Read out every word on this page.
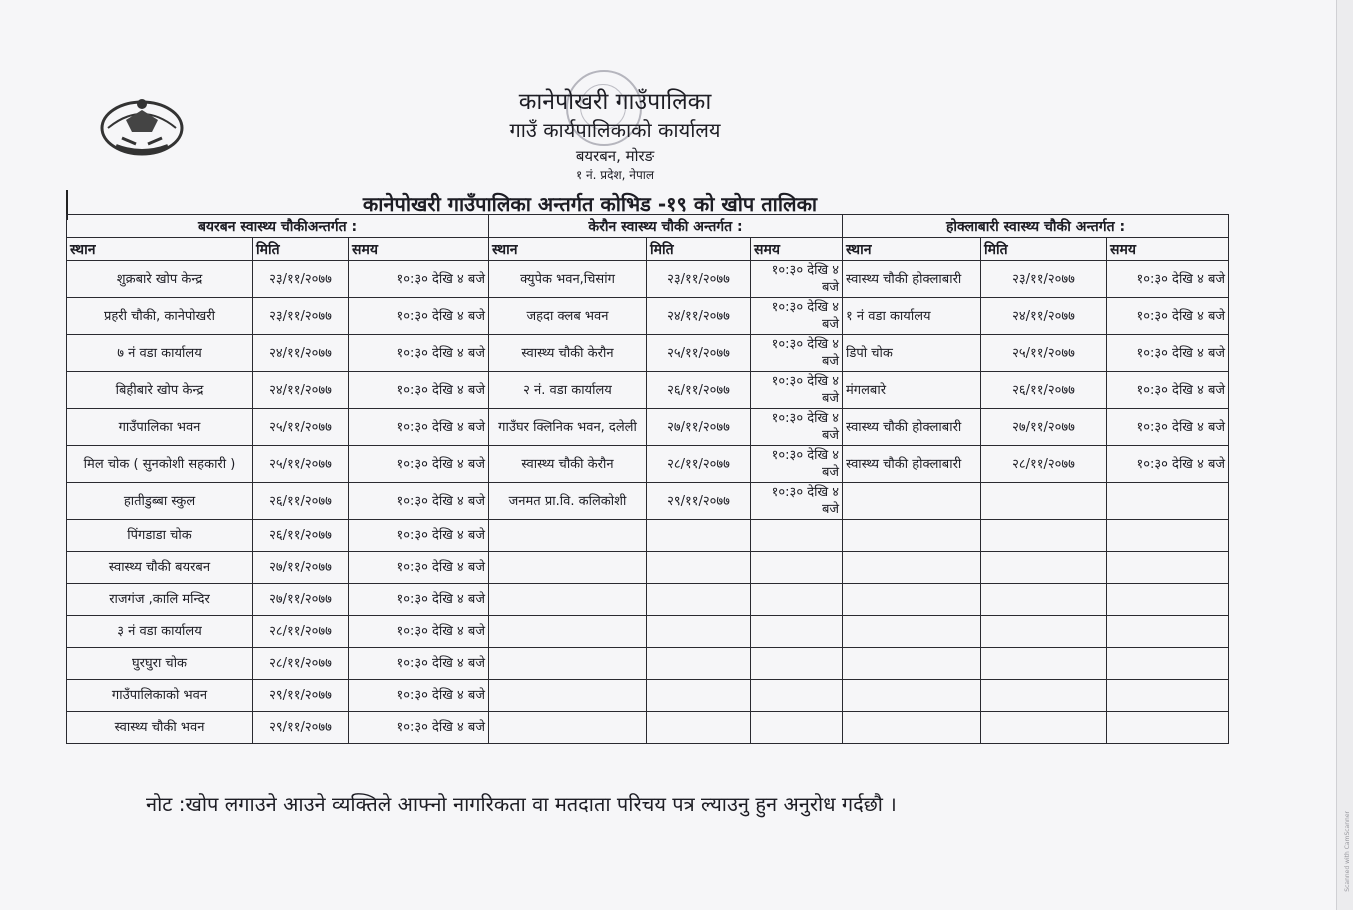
Scanned with CamScanner
कानेपोखरी गाउँपालिका
गाउँ कार्यपालिकाको कार्यालय
बयरबन, मोरङ
१ नं. प्रदेश, नेपाल
कानेपोखरी गाउँपालिका अन्तर्गत कोभिड -१९ को खोप तालिका
बयरबन स्वास्थ्य चौकीअन्तर्गत :			केरौन स्वास्थ्य चौकी अन्तर्गत :			होक्लाबारी स्वास्थ्य चौकी अन्तर्गत :		
स्थान	मिति	समय	स्थान	मिति	समय	स्थान	मिति	समय
शुक्रबारे खोप केन्द्र	२३/११/२०७७	१०:३० देखि ४ बजे	क्युपेक भवन,चिसांग	२३/११/२०७७	१०:३० देखि ४ बजे	स्वास्थ्य चौकी होक्लाबारी	२३/११/२०७७	१०:३० देखि ४ बजे
प्रहरी चौकी, कानेपोखरी	२३/११/२०७७	१०:३० देखि ४ बजे	जहदा क्लब भवन	२४/११/२०७७	१०:३० देखि ४ बजे	१ नं वडा कार्यालय	२४/११/२०७७	१०:३० देखि ४ बजे
७ नं वडा कार्यालय	२४/११/२०७७	१०:३० देखि ४ बजे	स्वास्थ्य चौकी केरौन	२५/११/२०७७	१०:३० देखि ४ बजे	डिपो चोक	२५/११/२०७७	१०:३० देखि ४ बजे
बिहीबारे खोप केन्द्र	२४/११/२०७७	१०:३० देखि ४ बजे	२ नं. वडा कार्यालय	२६/११/२०७७	१०:३० देखि ४ बजे	मंगलबारे	२६/११/२०७७	१०:३० देखि ४ बजे
गाउँपालिका भवन	२५/११/२०७७	१०:३० देखि ४ बजे	गाउँघर क्लिनिक भवन, दलेली	२७/११/२०७७	१०:३० देखि ४ बजे	स्वास्थ्य चौकी होक्लाबारी	२७/११/२०७७	१०:३० देखि ४ बजे
मिल चोक ( सुनकोशी सहकारी )	२५/११/२०७७	१०:३० देखि ४ बजे	स्वास्थ्य चौकी केरौन	२८/११/२०७७	१०:३० देखि ४ बजे	स्वास्थ्य चौकी होक्लाबारी	२८/११/२०७७	१०:३० देखि ४ बजे
हातीडुब्बा स्कुल	२६/११/२०७७	१०:३० देखि ४ बजे	जनमत प्रा.वि. कलिकोशी	२९/११/२०७७	१०:३० देखि ४ बजे			
पिंगडाडा चोक	२६/११/२०७७	१०:३० देखि ४ बजे						
स्वास्थ्य चौकी बयरबन	२७/११/२०७७	१०:३० देखि ४ बजे						
राजगंज ,कालि मन्दिर	२७/११/२०७७	१०:३० देखि ४ बजे						
३ नं वडा कार्यालय	२८/११/२०७७	१०:३० देखि ४ बजे						
घुरघुरा चोक	२८/११/२०७७	१०:३० देखि ४ बजे						
गाउँपालिकाको भवन	२९/११/२०७७	१०:३० देखि ४ बजे						
स्वास्थ्य चौकी भवन	२९/११/२०७७	१०:३० देखि ४ बजे						
नोट :खोप लगाउने आउने व्यक्तिले आफ्नो नागरिकता वा मतदाता परिचय पत्र ल्याउनु हुन अनुरोध गर्दछौ ।
